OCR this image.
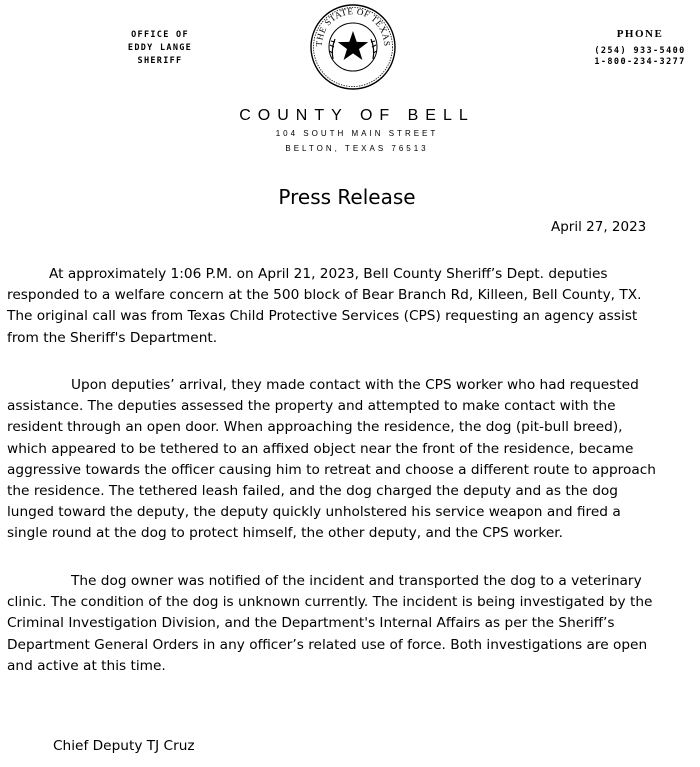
OFFICE OF
EDDY LANGE
SHERIFF
THE STATE OF TEXAS
PHONE
(254) 933-5400
1-800-234-3277
COUNTY OF BELL
104 SOUTH MAIN STREET
BELTON, TEXAS 76513
Press Release
April 27, 2023
At approximately 1:06 P.M. on April 21, 2023, Bell County Sheriff’s Dept. deputies
responded to a welfare concern at the 500 block of Bear Branch Rd, Killeen, Bell County, TX.
The original call was from Texas Child Protective Services (CPS) requesting an agency assist
from the Sheriff's Department.
Upon deputies’ arrival, they made contact with the CPS worker who had requested
assistance. The deputies assessed the property and attempted to make contact with the
resident through an open door. When approaching the residence, the dog (pit-bull breed),
which appeared to be tethered to an affixed object near the front of the residence, became
aggressive towards the officer causing him to retreat and choose a different route to approach
the residence. The tethered leash failed, and the dog charged the deputy and as the dog
lunged toward the deputy, the deputy quickly unholstered his service weapon and fired a
single round at the dog to protect himself, the other deputy, and the CPS worker.
The dog owner was notified of the incident and transported the dog to a veterinary
clinic. The condition of the dog is unknown currently. The incident is being investigated by the
Criminal Investigation Division, and the Department's Internal Affairs as per the Sheriff’s
Department General Orders in any officer’s related use of force. Both investigations are open
and active at this time.
Chief Deputy TJ Cruz
